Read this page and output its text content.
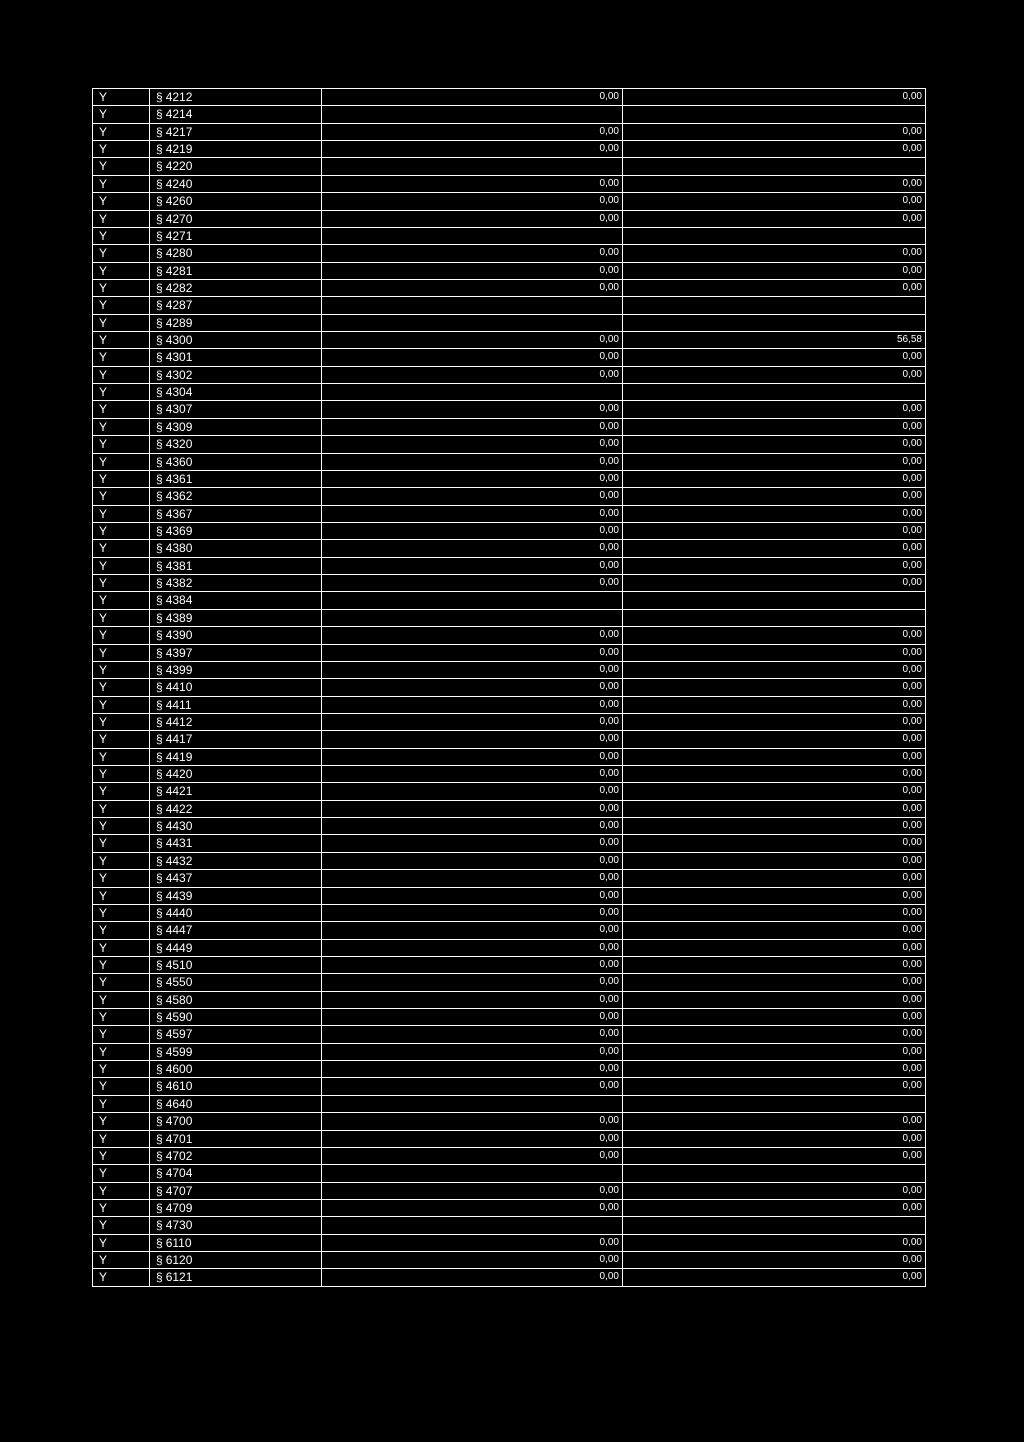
Y	§ 4212	0,00	0,00
Y	§ 4214
Y	§ 4217	0,00	0,00
Y	§ 4219	0,00	0,00
Y	§ 4220
Y	§ 4240	0,00	0,00
Y	§ 4260	0,00	0,00
Y	§ 4270	0,00	0,00
Y	§ 4271
Y	§ 4280	0,00	0,00
Y	§ 4281	0,00	0,00
Y	§ 4282	0,00	0,00
Y	§ 4287
Y	§ 4289
Y	§ 4300	0,00	56,58
Y	§ 4301	0,00	0,00
Y	§ 4302	0,00	0,00
Y	§ 4304
Y	§ 4307	0,00	0,00
Y	§ 4309	0,00	0,00
Y	§ 4320	0,00	0,00
Y	§ 4360	0,00	0,00
Y	§ 4361	0,00	0,00
Y	§ 4362	0,00	0,00
Y	§ 4367	0,00	0,00
Y	§ 4369	0,00	0,00
Y	§ 4380	0,00	0,00
Y	§ 4381	0,00	0,00
Y	§ 4382	0,00	0,00
Y	§ 4384
Y	§ 4389
Y	§ 4390	0,00	0,00
Y	§ 4397	0,00	0,00
Y	§ 4399	0,00	0,00
Y	§ 4410	0,00	0,00
Y	§ 4411	0,00	0,00
Y	§ 4412	0,00	0,00
Y	§ 4417	0,00	0,00
Y	§ 4419	0,00	0,00
Y	§ 4420	0,00	0,00
Y	§ 4421	0,00	0,00
Y	§ 4422	0,00	0,00
Y	§ 4430	0,00	0,00
Y	§ 4431	0,00	0,00
Y	§ 4432	0,00	0,00
Y	§ 4437	0,00	0,00
Y	§ 4439	0,00	0,00
Y	§ 4440	0,00	0,00
Y	§ 4447	0,00	0,00
Y	§ 4449	0,00	0,00
Y	§ 4510	0,00	0,00
Y	§ 4550	0,00	0,00
Y	§ 4580	0,00	0,00
Y	§ 4590	0,00	0,00
Y	§ 4597	0,00	0,00
Y	§ 4599	0,00	0,00
Y	§ 4600	0,00	0,00
Y	§ 4610	0,00	0,00
Y	§ 4640
Y	§ 4700	0,00	0,00
Y	§ 4701	0,00	0,00
Y	§ 4702	0,00	0,00
Y	§ 4704
Y	§ 4707	0,00	0,00
Y	§ 4709	0,00	0,00
Y	§ 4730
Y	§ 6110	0,00	0,00
Y	§ 6120	0,00	0,00
Y	§ 6121	0,00	0,00
